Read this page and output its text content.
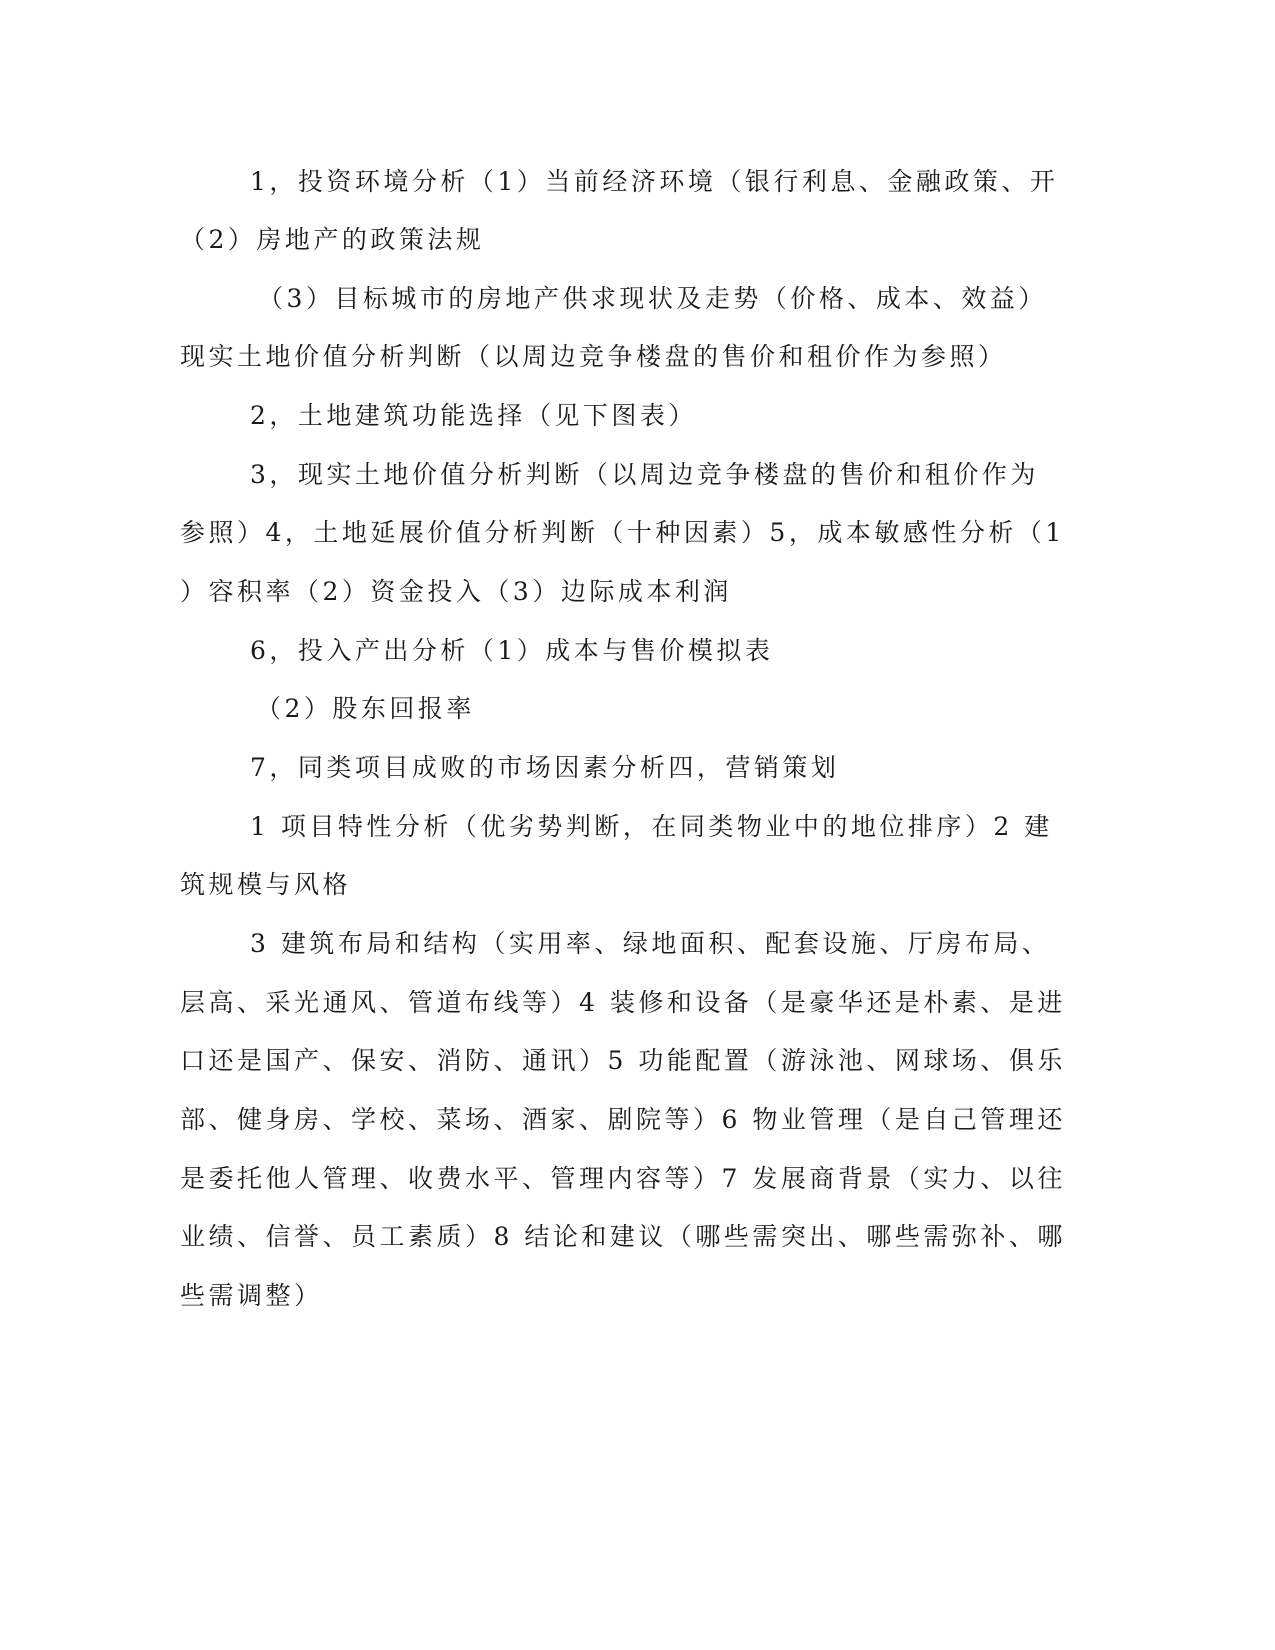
1，投资环境分析（1）当前经济环境（银行利息、金融政策、开
（2）房地产的政策法规
（3）目标城市的房地产供求现状及走势（价格、成本、效益）
现实土地价值分析判断（以周边竞争楼盘的售价和租价作为参照）
2，土地建筑功能选择（见下图表）
3，现实土地价值分析判断（以周边竞争楼盘的售价和租价作为
参照）4，土地延展价值分析判断（十种因素）5，成本敏感性分析（1
）容积率（2）资金投入（3）边际成本利润
6，投入产出分析（1）成本与售价模拟表
（2）股东回报率
7，同类项目成败的市场因素分析四，营销策划
1 项目特性分析（优劣势判断，在同类物业中的地位排序）2 建
筑规模与风格
3 建筑布局和结构（实用率、绿地面积、配套设施、厅房布局、
层高、采光通风、管道布线等）4 装修和设备（是豪华还是朴素、是进
口还是国产、保安、消防、通讯）5 功能配置（游泳池、网球场、俱乐
部、健身房、学校、菜场、酒家、剧院等）6 物业管理（是自己管理还
是委托他人管理、收费水平、管理内容等）7 发展商背景（实力、以往
业绩、信誉、员工素质）8 结论和建议（哪些需突出、哪些需弥补、哪
些需调整）
